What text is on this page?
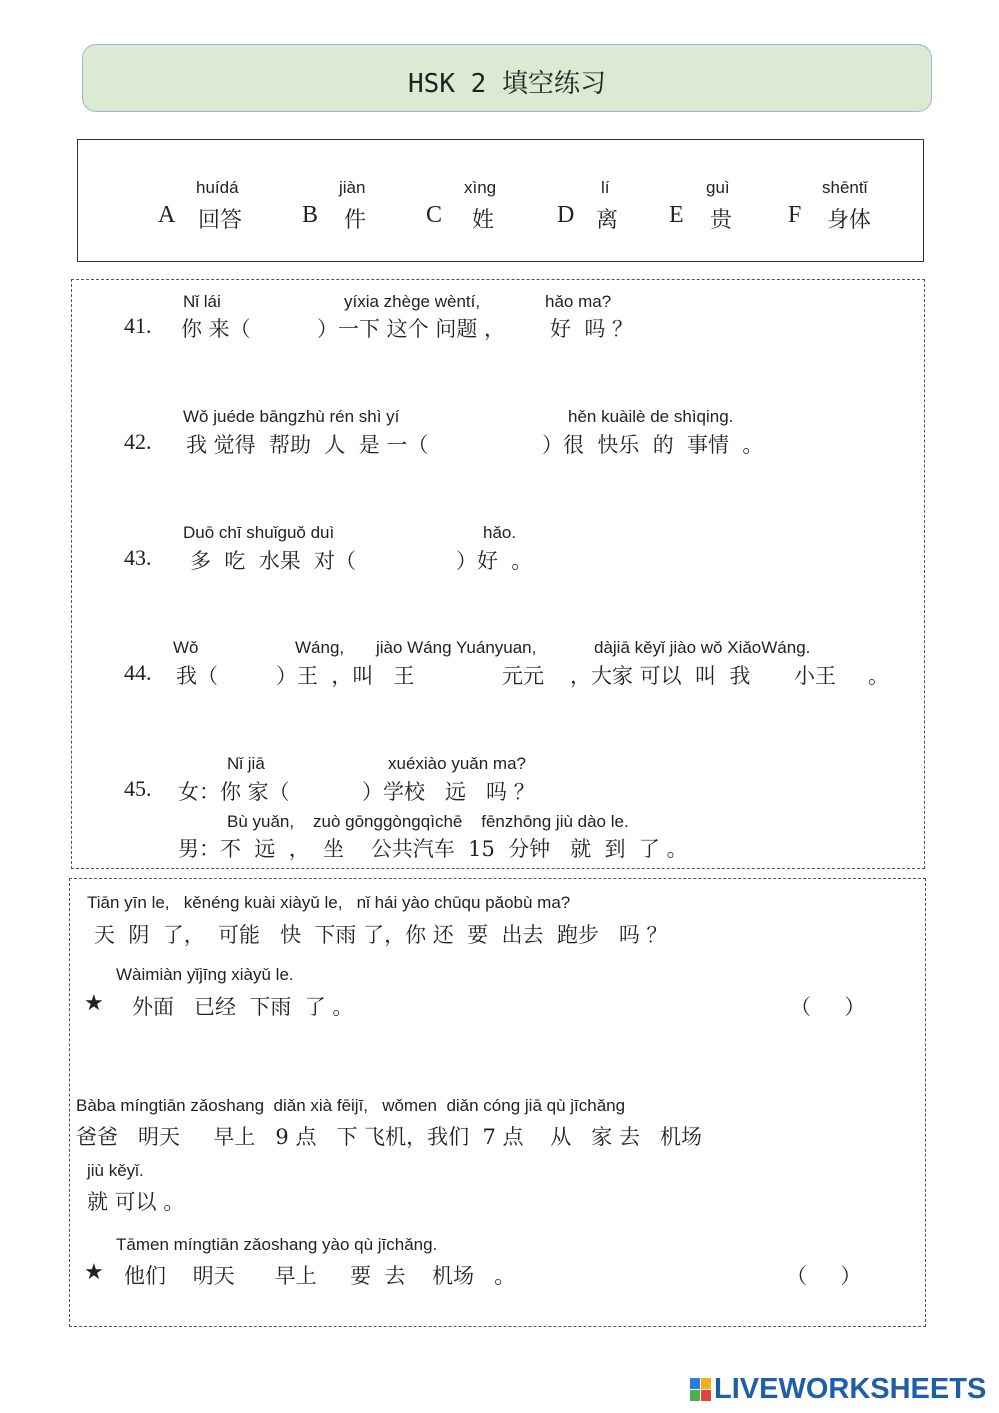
HSK 2 填空练习
huídá
A 回答
jiàn
B 件
xìng
C 姓
lí
D 离
guì
E 贵
shēntǐ
F 身体
Nǐ lái	yíxia zhège wèntí,	hǎo ma?
41. 你 来（	）一下 这个 问题 ， 好  吗 ？
Wǒ juéde bāngzhù rén shì yí	hěn kuàilè de shìqing.
42. 我 觉得  帮助  人  是 一（	）很  快乐  的  事情  。
Duō chī shuǐguǒ duì	hǎo.
43. 多  吃  水果  对（	）好  。
Wǒ	Wáng, jiào Wáng Yuányuan,	dàjiā kěyǐ jiào wǒ XiǎoWáng.
44. 我（	）王  ，叫   王	元元 ，大家 可以  叫  我 小王 。
Nǐ jiā	xuéxiào yuǎn ma?
45. 女：你 家（	）学校   远   吗 ？
Bù yuǎn,    zuò gōnggòngqìchē    fēnzhōng jiù dào le.
男：不  远  ，  坐    公共汽车  15  分钟   就  到  了 。
Tiān yīn le,   kěnéng kuài xiàyǔ le,   nǐ hái yào chūqu pǎobù ma?
天  阴  了，  可能   快  下雨 了，你 还  要  出去  跑步   吗 ？
Wàimiàn yǐjīng xiàyǔ le.
★ 外面   已经  下雨  了 。	（     ）
Bàba míngtiān zǎoshang  diǎn xià fēijī,   wǒmen  diǎn cóng jiā qù jīchǎng
爸爸   明天     早上   9 点   下 飞机，我们  7 点    从   家 去   机场
jiù kěyǐ.
就 可以 。
Tāmen míngtiān zǎoshang yào qù jīchǎng.
★ 他们    明天      早上     要  去    机场   。	（     ）
LIVEWORKSHEETS
